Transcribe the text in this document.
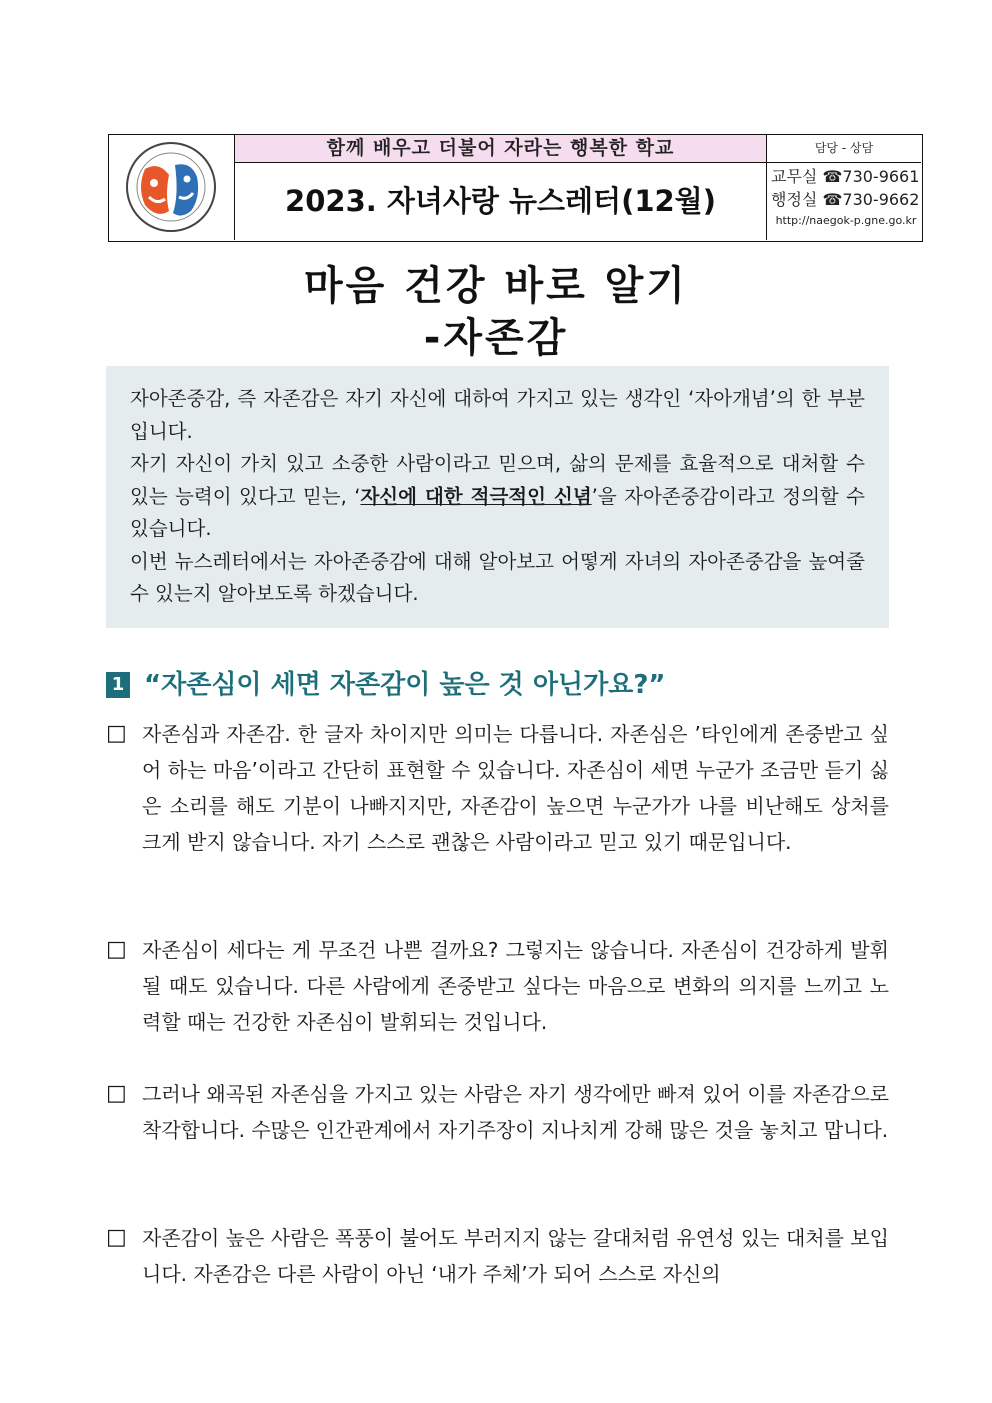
함께 배우고 더불어 자라는 행복한 학교
2023. 자녀사랑 뉴스레터(12월)
담당 - 상담
교무실 ☎730-9661
행정실 ☎730-9662
http://naegok-p.gne.go.kr
마음 건강 바로 알기
-자존감

자아존중감, 즉 자존감은 자기 자신에 대하여 가지고 있는 생각인 ‘자아개념’의 한 부분입니다.

자기 자신이 가치 있고 소중한 사람이라고 믿으며, 삶의 문제를 효율적으로 대처할 수 있는 능력이 있다고 믿는, ‘자신에 대한 적극적인 신념’을 자아존중감이라고 정의할 수 있습니다.

이번 뉴스레터에서는 자아존중감에 대해 알아보고 어떻게 자녀의 자아존중감을 높여줄 수 있는지 알아보도록 하겠습니다.

1 “자존심이 세면 자존감이 높은 것 아닌가요?”
□ 자존심과 자존감. 한 글자 차이지만 의미는 다릅니다. 자존심은 ’타인에게 존중받고 싶어 하는 마음’이라고 간단히 표현할 수 있습니다. 자존심이 세면 누군가 조금만 듣기 싫은 소리를 해도 기분이 나빠지지만, 자존감이 높으면 누군가가 나를 비난해도 상처를 크게 받지 않습니다. 자기 스스로 괜찮은 사람이라고 믿고 있기 때문입니다.
□ 자존심이 세다는 게 무조건 나쁜 걸까요? 그렇지는 않습니다. 자존심이 건강하게 발휘될 때도 있습니다. 다른 사람에게 존중받고 싶다는 마음으로 변화의 의지를 느끼고 노력할 때는 건강한 자존심이 발휘되는 것입니다.
□ 그러나 왜곡된 자존심을 가지고 있는 사람은 자기 생각에만 빠져 있어 이를 자존감으로 착각합니다. 수많은 인간관계에서 자기주장이 지나치게 강해 많은 것을 놓치고 맙니다.
□ 자존감이 높은 사람은 폭풍이 불어도 부러지지 않는 갈대처럼 유연성 있는 대처를 보입니다. 자존감은 다른 사람이 아닌 ‘내가 주체’가 되어 스스로 자신의
